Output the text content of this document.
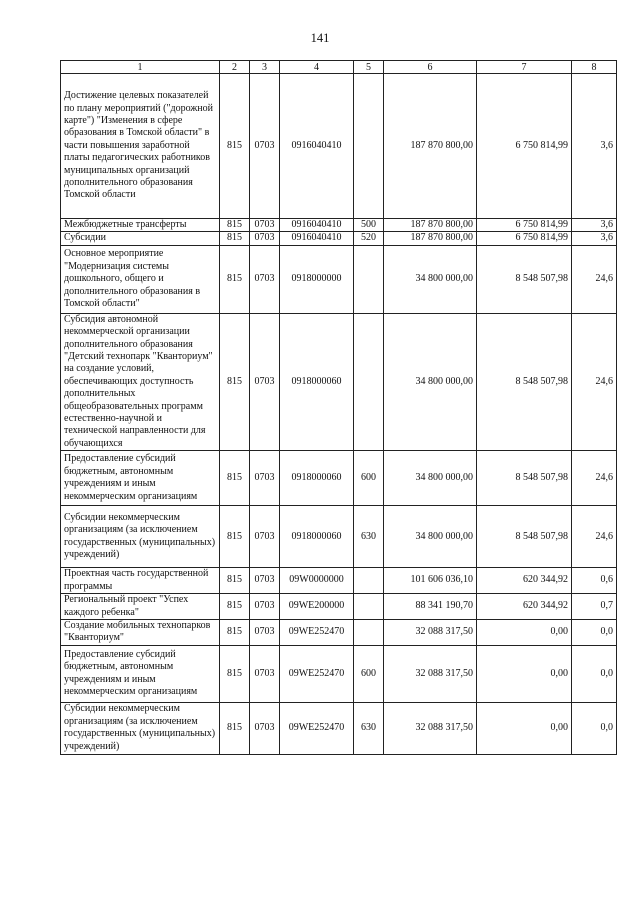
141
1	2	3	4	5	6	7	8
Достижение целевых показателей по плану мероприятий ("дорожной карте") "Изменения в сфере образования в Томской области" в части повышения заработной платы педагогических работников муниципальных организаций дополнительного образования Томской области	815	0703	0916040410		187 870 800,00	6 750 814,99	3,6
Межбюджетные трансферты	815	0703	0916040410	500	187 870 800,00	6 750 814,99	3,6
Субсидии	815	0703	0916040410	520	187 870 800,00	6 750 814,99	3,6
Основное мероприятие "Модернизация системы дошкольного, общего и дополнительного образования в Томской области"	815	0703	0918000000		34 800 000,00	8 548 507,98	24,6
Субсидия автономной некоммерческой организации дополнительного образования "Детский технопарк "Кванториум" на создание условий, обеспечивающих доступность дополнительных общеобразовательных программ естественно-научной и технической направленности для обучающихся	815	0703	0918000060		34 800 000,00	8 548 507,98	24,6
Предоставление субсидий бюджетным, автономным учреждениям и иным некоммерческим организациям	815	0703	0918000060	600	34 800 000,00	8 548 507,98	24,6
Субсидии некоммерческим организациям (за исключением государственных (муниципальных) учреждений)	815	0703	0918000060	630	34 800 000,00	8 548 507,98	24,6
Проектная часть государственной программы	815	0703	09W0000000		101 606 036,10	620 344,92	0,6
Региональный проект "Успех каждого ребенка"	815	0703	09WE200000		88 341 190,70	620 344,92	0,7
Создание мобильных технопарков "Кванториум"	815	0703	09WE252470		32 088 317,50	0,00	0,0
Предоставление субсидий бюджетным, автономным учреждениям и иным некоммерческим организациям	815	0703	09WE252470	600	32 088 317,50	0,00	0,0
Субсидии некоммерческим организациям (за исключением государственных (муниципальных) учреждений)	815	0703	09WE252470	630	32 088 317,50	0,00	0,0
